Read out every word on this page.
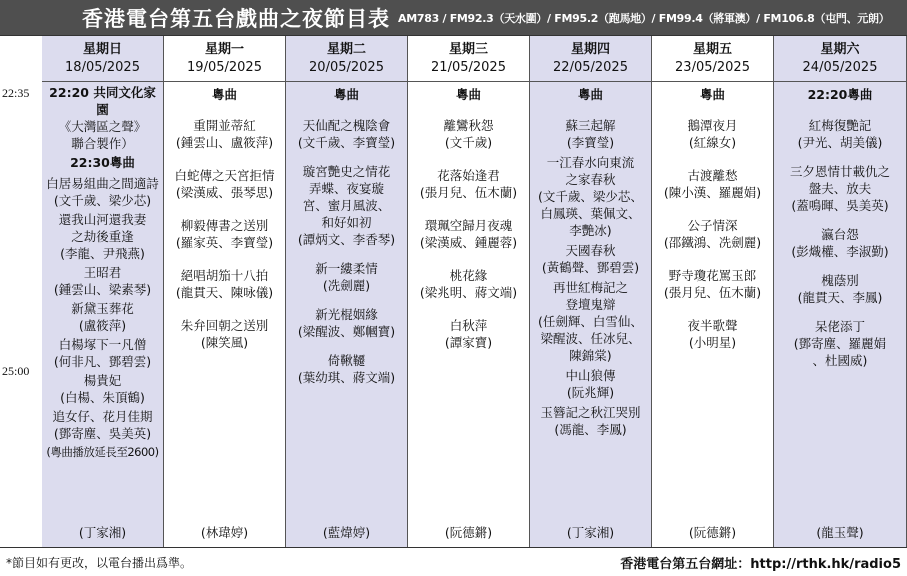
香港電台第五台戲曲之夜節目表 AM783 / FM92.3（天水圍）/ FM95.2（跑馬地）/ FM99.4（將軍澳）/ FM106.8（屯門、元朗）
22:35
25:00
星期日
18/05/2025
22:20 共同文化家園
《大灣區之聲》
聯合製作）
22:30粵曲
白居易組曲之間適詩
(文千歲、梁少芯)
還我山河還我妻
之劫後重逢
(李龍、尹飛燕)
王昭君
(鍾雲山、梁素琴)
新黛玉葬花
(盧筱萍)
白楊塚下一凡僧
(何非凡、鄧碧雲)
楊貴妃
(白楊、朱頂鶴)
追女仔、花月佳期
(鄧寄塵、吳美英)
(粵曲播放延長至2600)
(丁家湘)
星期一
19/05/2025
粵曲
重開並蒂紅
(鍾雲山、盧筱萍)
白蛇傳之天宮拒情
(梁漢威、張琴思)
柳毅傳書之送別
(羅家英、李寶瑩)
絕唱胡笳十八拍
(龍貫天、陳咏儀)
朱弁回朝之送別
(陳笑風)
(林瑋婷)
星期二
20/05/2025
粵曲
天仙配之槐陰會
(文千歲、李寶瑩)
璇宮艷史之情花
弄蝶、夜宴璇
宮、蜜月風波、
和好如初
(譚炳文、李香琴)
新一縷柔情
(冼劍麗)
新光棍姻緣
(梁醒波、鄭幗寶)
倚鞦韆
(葉幼琪、蔣文端)
(藍煒婷)
星期三
21/05/2025
粵曲
離鸞秋怨
(文千歲)
花落始逢君
(張月兒、伍木蘭)
環珮空歸月夜魂
(梁漢威、鍾麗蓉)
桃花緣
(梁兆明、蔣文端)
白秋萍
(譚家寶)
(阮德鏘)
星期四
22/05/2025
粵曲
蘇三起解
(李寶瑩)
一江春水向東流
之家春秋
(文千歲、梁少芯、
白鳳瑛、葉佩文、
李艷冰)
天國春秋
(黃鶴聲、鄧碧雲)
再世紅梅記之
登壇鬼辯
(任劍輝、白雪仙、
梁醒波、任冰兒、
陳錦棠)
中山狼傳
(阮兆輝)
玉簪記之秋江哭別
(馮龍、李鳳)
(丁家湘)
星期五
23/05/2025
粵曲
鵝潭夜月
(紅線女)
古渡離愁
(陳小漢、羅麗娟)
公子情深
(邵鐵鴻、冼劍麗)
野寺瓊花罵玉郎
(張月兒、伍木蘭)
夜半歌聲
(小明星)
(阮德鏘)
星期六
24/05/2025
22:20粵曲
紅梅復艷記
(尹光、胡美儀)
三夕恩情廿載仇之
盤夫、放夫
(蓋鳴暉、吳美英)
瀛台怨
(彭熾權、李淑勤)
槐蔭別
(龍貫天、李鳳)
呆佬添丁
(鄧寄塵、羅麗娟
、杜國威)
(龍玉聲)
*節目如有更改，以電台播出爲準。	香港電台第五台網址：http://rthk.hk/radio5
